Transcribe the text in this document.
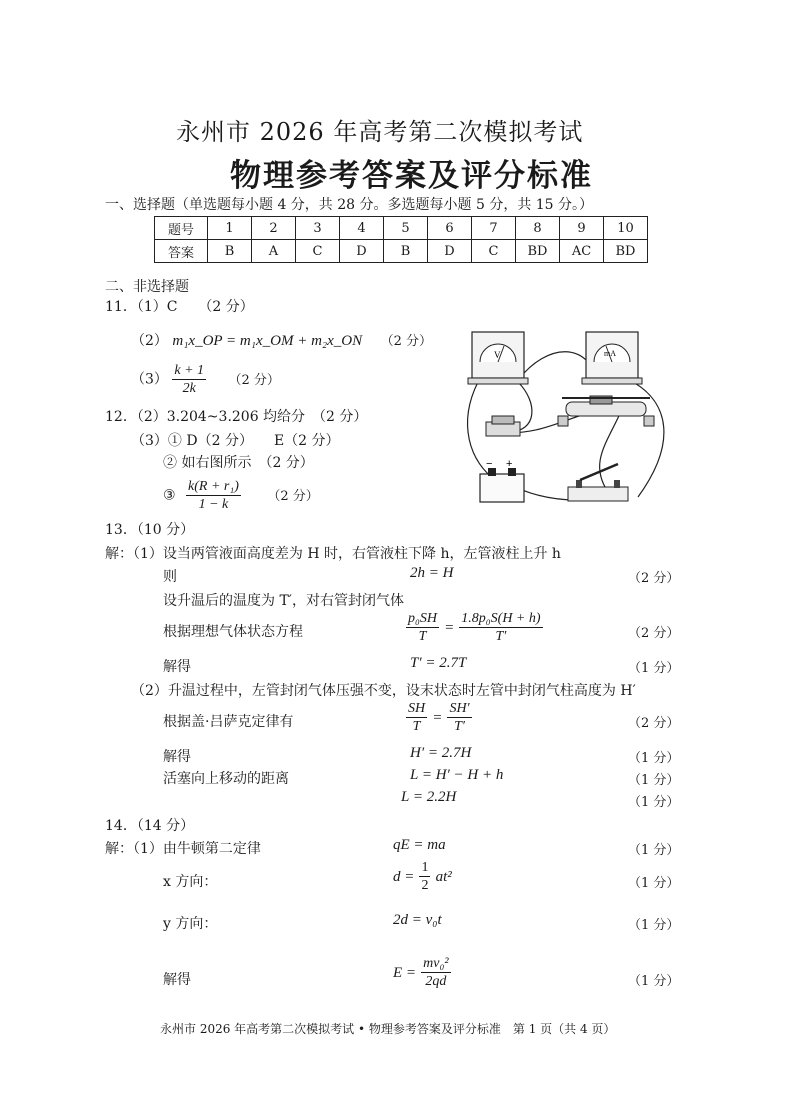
永州市 2026 年高考第二次模拟考试
物理参考答案及评分标准
一、选择题（单选题每小题 4 分，共 28 分。多选题每小题 5 分，共 15 分。）
题号	1	2	3	4	5	6	7	8	9	10
答案	B	A	C	D	B	D	C	BD	AC	BD
二、非选择题
11．（1）C　　（2 分）
（2） m₁x_OP = m₁x_OM + m₂x_ON （2 分）
$(3) \frac{k + 1}{2k} (2$ 分）
12．（2）3.204~3.206 均给分　（2 分）
（3）① D（2 分）　　E（2 分）
② 如右图所示　（2 分）
③ $\frac{\text{k(R + r₁)}}{1 - k} (2$ 分）
V	mA
− +
13．（10 分）
解：（1）设当两管液面高度差为 H 时，右管液柱下降 h，左管液柱上升 h
则	2h = H	（2 分）
设升温后的温度为 T′，对右管封闭气体
根据理想气体状态方程	$\frac{\text{p₀SH}}{T} = \frac{\text{1.8p₀S(H + h)}}{T'}$	（2 分）
解得	T′ = 2.7T	（1 分）
（2）升温过程中，左管封闭气体压强不变，设末状态时左管中封闭气柱高度为 H′
根据盖·吕萨克定律有	$\frac{SH}{T} = \frac{SH'}{T'}$	（2 分）
解得	H′ = 2.7H	（1 分）
活塞向上移动的距离	L = H′ − H + h	（1 分）
L = 2.2H	（1 分）
14．（14 分）
解：（1）由牛顿第二定律	qE = ma	（1 分）
x 方向：	$d = \frac{1}{2} at^2$	（1 分）
y 方向：	2d = v₀t	（1 分）
解得	$E = \frac{\text{mv₀²}}{2qd}$	（1 分）
永州市 2026 年高考第二次模拟考试 • 物理参考答案及评分标准　第 1 页（共 4 页）
